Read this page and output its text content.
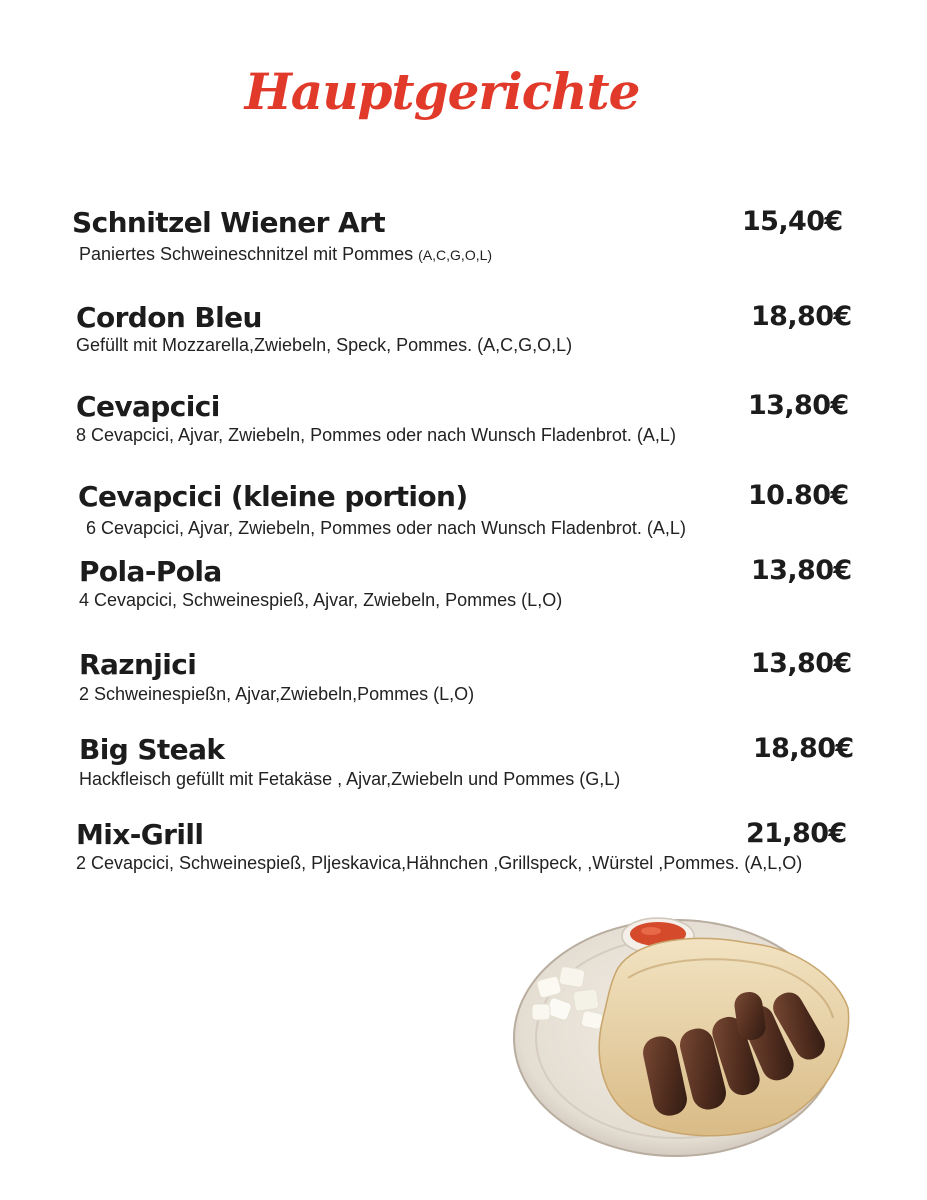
Hauptgerichte
Schnitzel Wiener Art	15,40€
Paniertes Schweineschnitzel mit Pommes (A,C,G,O,L)
Cordon Bleu	18,80€
Gefüllt mit Mozzarella,Zwiebeln, Speck, Pommes. (A,C,G,O,L)
Cevapcici	13,80€
8 Cevapcici, Ajvar, Zwiebeln, Pommes oder nach Wunsch Fladenbrot. (A,L)
Cevapcici (kleine portion)	10.80€
6 Cevapcici, Ajvar, Zwiebeln, Pommes oder nach Wunsch Fladenbrot. (A,L)
Pola-Pola	13,80€
4 Cevapcici, Schweinespieß, Ajvar, Zwiebeln, Pommes (L,O)
Raznjici	13,80€
2 Schweinespießn, Ajvar,Zwiebeln,Pommes (L,O)
Big Steak	18,80€
Hackfleisch gefüllt mit Fetakäse , Ajvar,Zwiebeln und Pommes (G,L)
Mix-Grill	21,80€
2 Cevapcici, Schweinespieß, Pljeskavica,Hähnchen ,Grillspeck, ,Würstel ,Pommes. (A,L,O)
